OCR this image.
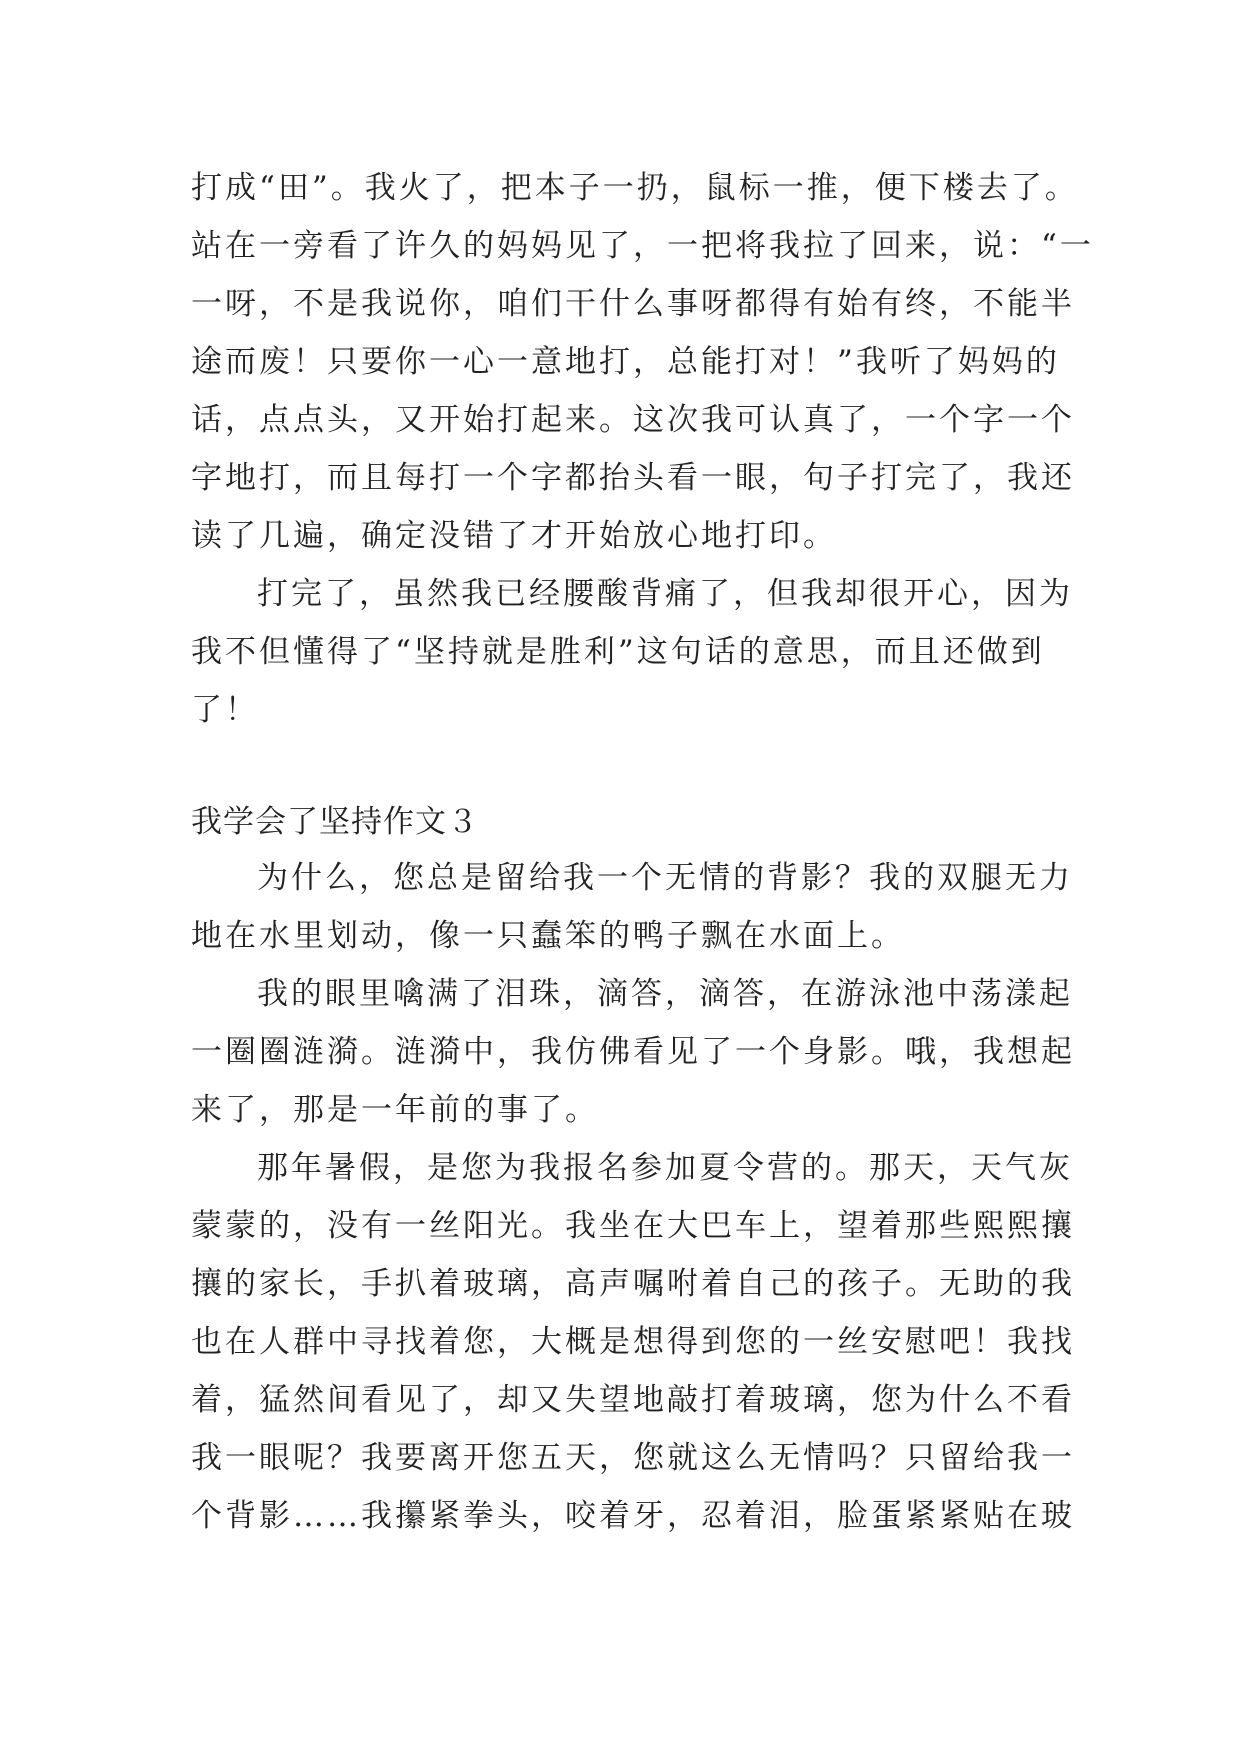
打成“田”。我火了，把本子一扔，鼠标一推，便下楼去了。
站在一旁看了许久的妈妈见了，一把将我拉了回来，说：“一
一呀，不是我说你，咱们干什么事呀都得有始有终，不能半
途而废！只要你一心一意地打，总能打对！”我听了妈妈的
话，点点头，又开始打起来。这次我可认真了，一个字一个
字地打，而且每打一个字都抬头看一眼，句子打完了，我还
读了几遍，确定没错了才开始放心地打印。
打完了，虽然我已经腰酸背痛了，但我却很开心，因为
我不但懂得了“坚持就是胜利”这句话的意思，而且还做到
了！
我学会了坚持作文３
为什么，您总是留给我一个无情的背影？我的双腿无力
地在水里划动，像一只蠢笨的鸭子飘在水面上。
我的眼里噙满了泪珠，滴答，滴答，在游泳池中荡漾起
一圈圈涟漪。涟漪中，我仿佛看见了一个身影。哦，我想起
来了，那是一年前的事了。
那年暑假，是您为我报名参加夏令营的。那天，天气灰
蒙蒙的，没有一丝阳光。我坐在大巴车上，望着那些熙熙攘
攘的家长，手扒着玻璃，高声嘱咐着自己的孩子。无助的我
也在人群中寻找着您，大概是想得到您的一丝安慰吧！我找
着，猛然间看见了，却又失望地敲打着玻璃，您为什么不看
我一眼呢？我要离开您五天，您就这么无情吗？只留给我一
个背影……我攥紧拳头，咬着牙，忍着泪，脸蛋紧紧贴在玻
